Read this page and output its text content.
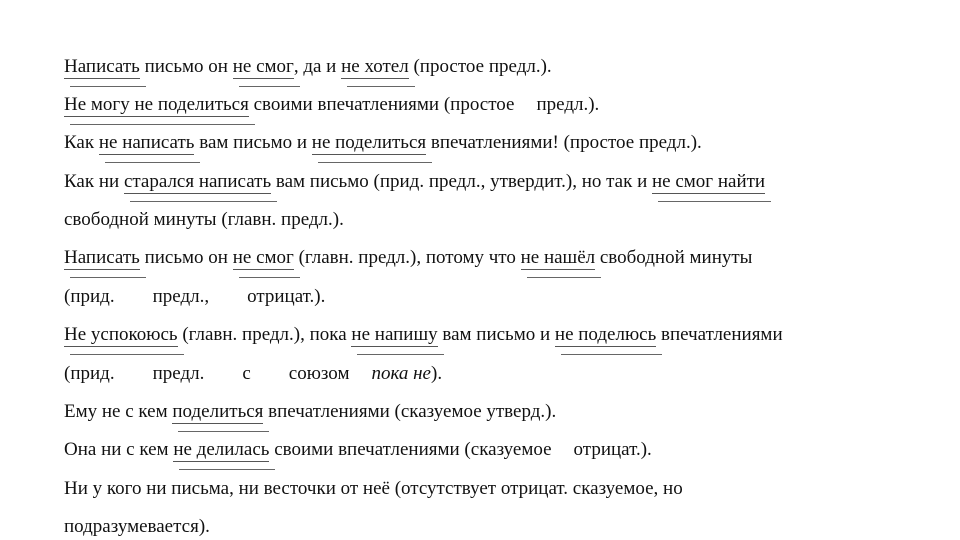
Написать письмо он не смог, да и не хотел (простое предл.).
Не могу не поделиться своими впечатлениями (простое предл.).
Как не написать вам письмо и не поделиться впечатлениями! (простое предл.).
Как ни старался написать вам письмо (прид. предл., утвердит.), но так и не смог найти
свободной минуты (главн. предл.).
Написать письмо он не смог (главн. предл.), потому что не нашёл свободной минуты
(прид. предл., отрицат.).
Не успокоюсь (главн. предл.), пока не напишу вам письмо и не поделюсь впечатлениями
(прид. предл. с союзом пока не).
Ему не с кем поделиться впечатлениями (сказуемое утверд.).
Она ни с кем не делилась своими впечатлениями (сказуемое отрицат.).
Ни у кого ни письма, ни весточки от неё (отсутствует отрицат. сказуемое, но
подразумевается).
